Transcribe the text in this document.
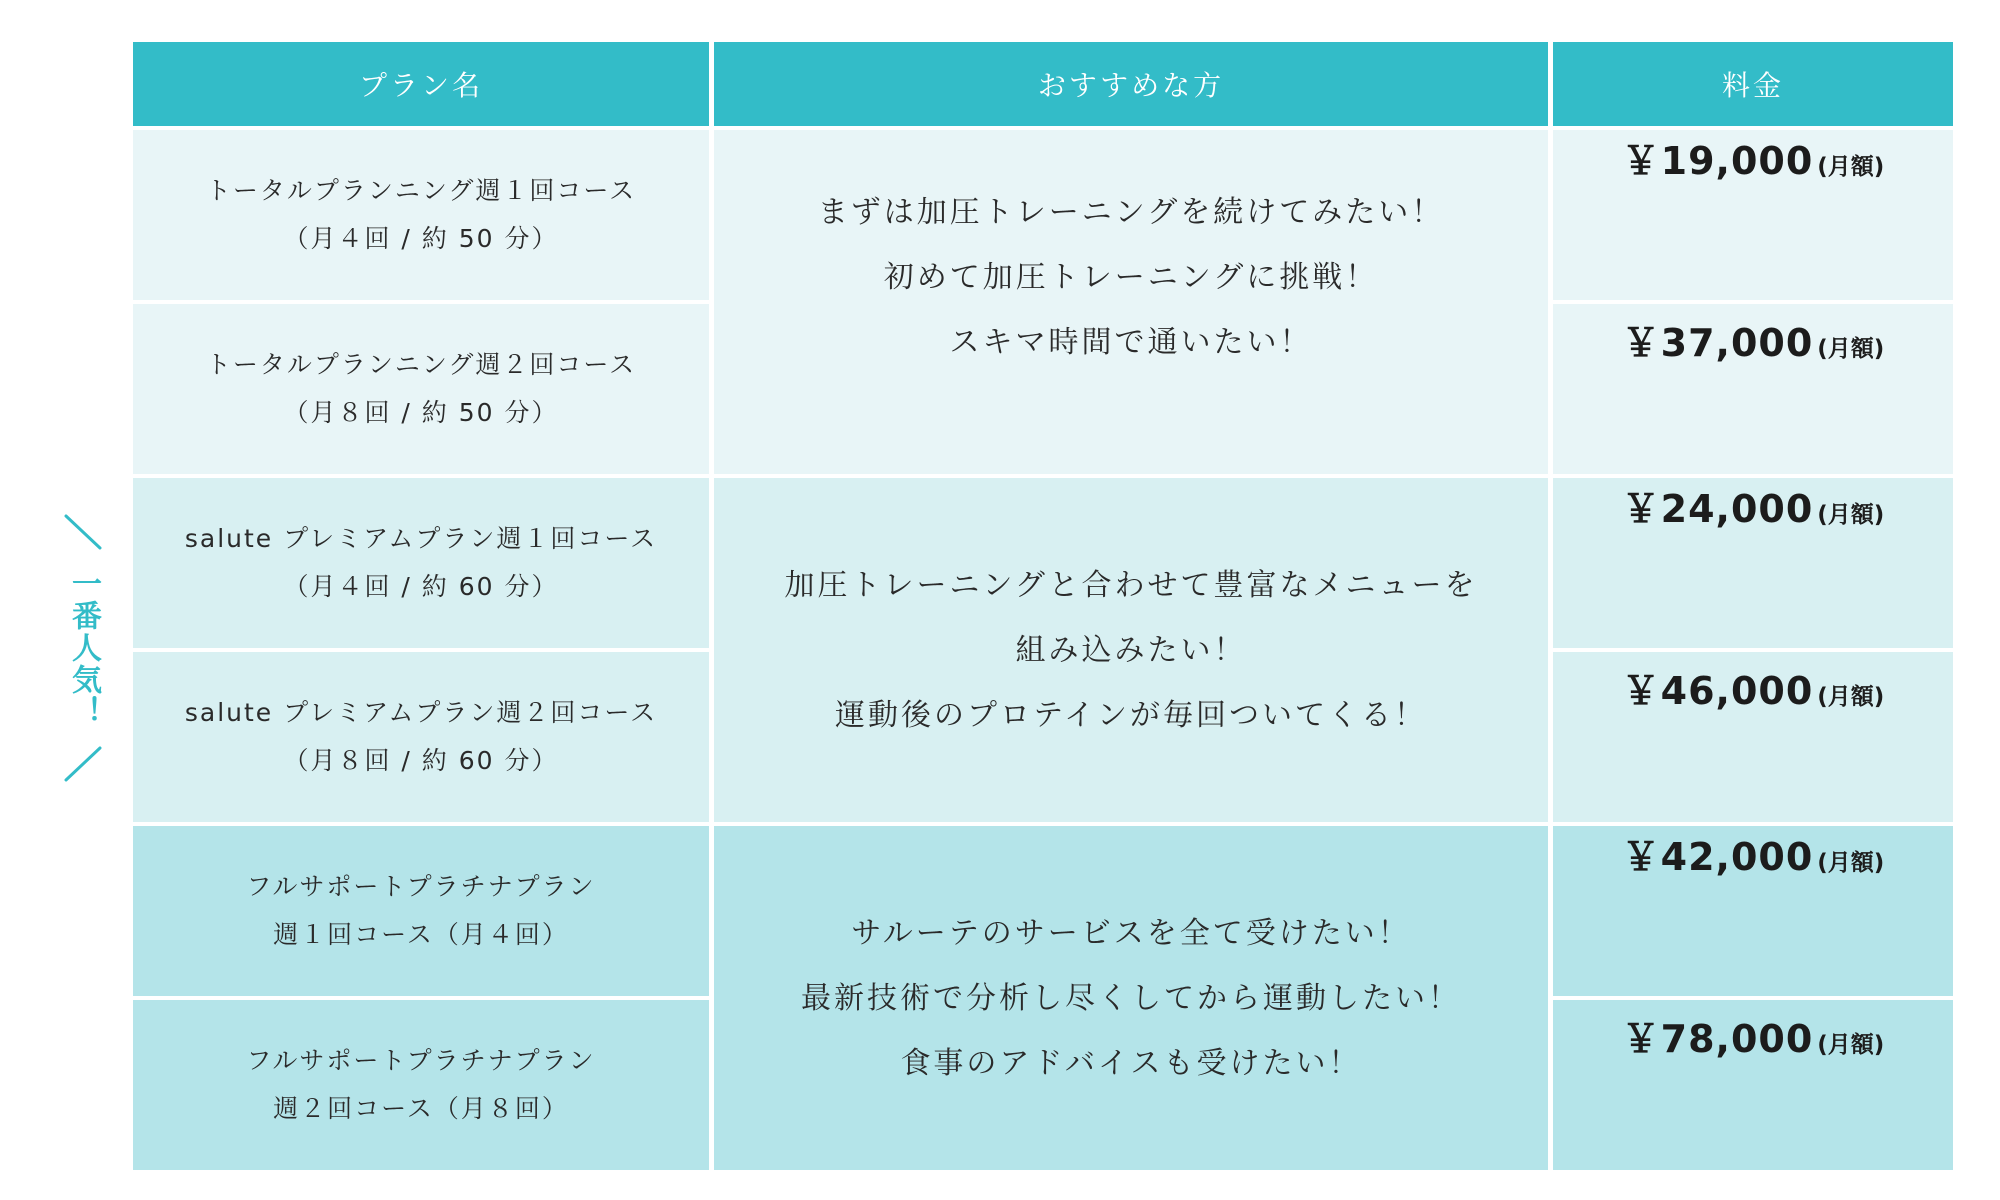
一番人気！
プラン名	おすすめな方	料金
トータルプランニング週１回コース
（月４回 / 約 50 分）
トータルプランニング週２回コース
（月８回 / 約 50 分）
まずは加圧トレーニングを続けてみたい！
初めて加圧トレーニングに挑戦！
スキマ時間で通いたい！
￥19,000 (月額)
￥37,000 (月額)
salute プレミアムプラン週１回コース
（月４回 / 約 60 分）
salute プレミアムプラン週２回コース
（月８回 / 約 60 分）
加圧トレーニングと合わせて豊富なメニューを
組み込みたい！
運動後のプロテインが毎回ついてくる！
￥24,000 (月額)
￥46,000 (月額)
フルサポートプラチナプラン
週１回コース（月４回）
フルサポートプラチナプラン
週２回コース（月８回）
サルーテのサービスを全て受けたい！
最新技術で分析し尽くしてから運動したい！
食事のアドバイスも受けたい！
￥42,000 (月額)
￥78,000 (月額)
